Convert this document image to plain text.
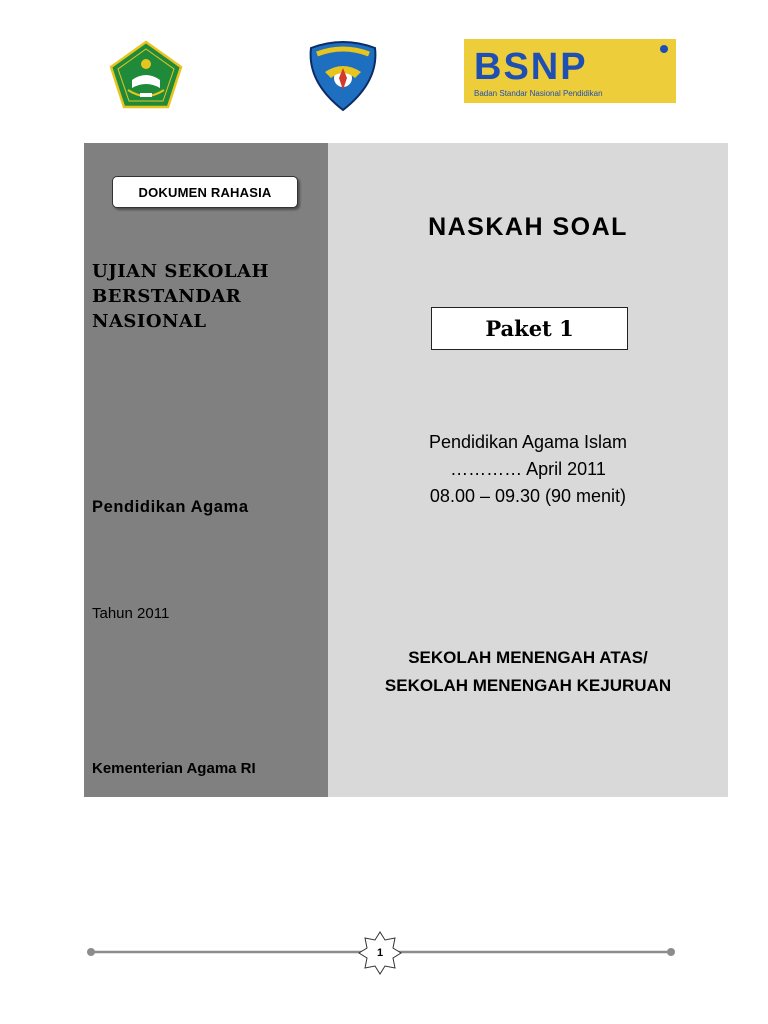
BSNP
Badan Standar Nasional Pendidikan
DOKUMEN RAHASIA
UJIAN SEKOLAH
BERSTANDAR
NASIONAL
Pendidikan Agama
Tahun 2011
Kementerian Agama RI
NASKAH SOAL
Paket 1
Pendidikan Agama Islam
………… April 2011
08.00 – 09.30 (90 menit)
SEKOLAH MENENGAH ATAS/
SEKOLAH MENENGAH KEJURUAN
1
